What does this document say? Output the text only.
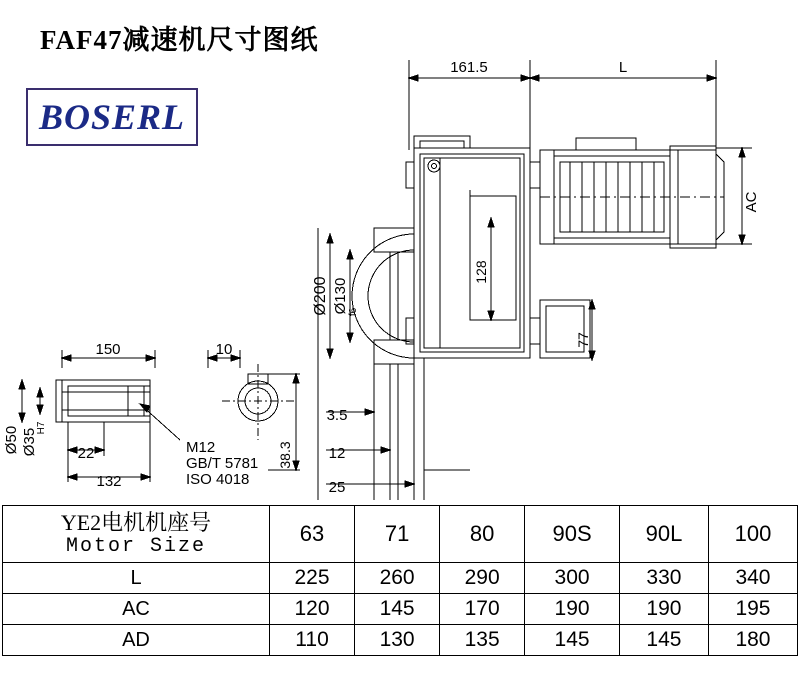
FAF47减速机尺寸图纸
BOSERL
161.5	L
AC
128
77
Ø200 Ø130 f6
3.5
12
25
150
22
132
10
Ø50 Ø35
H7
38.3
M12
GB/T 5781
ISO 4018
YE2电机机座号
Motor Size	63	71	80	90S	90L	100
L	225	260	290	300	330	340
AC	120	145	170	190	190	195
AD	110	130	135	145	145	180
